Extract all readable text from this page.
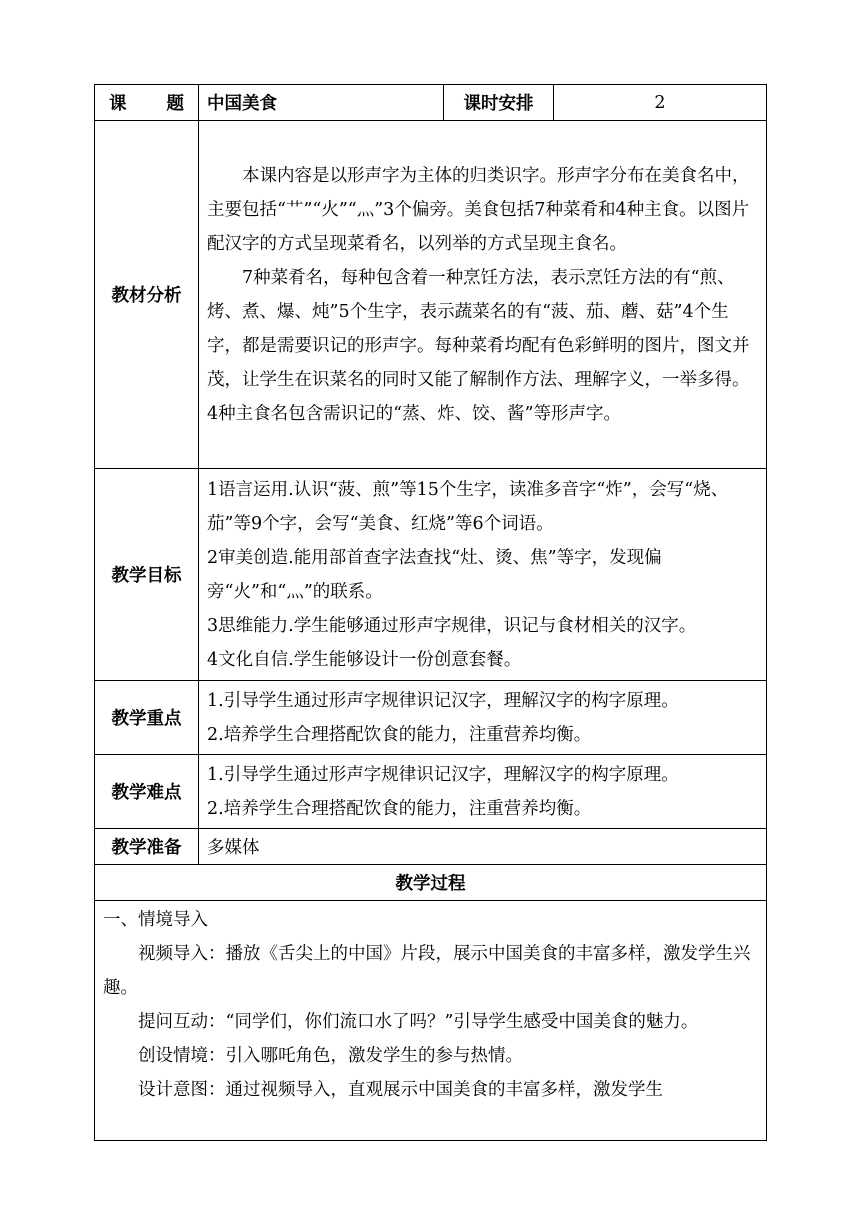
课 题	中国美食	课时安排	2
教材分析	本课内容是以形声字为主体的归类识字。形声字分布在美食名中，主要包括“艹”“火”“灬”3个偏旁。美食包括7种菜肴和4种主食。以图片配汉字的方式呈现菜肴名，以列举的方式呈现主食名。

7种菜肴名，每种包含着一种烹饪方法，表示烹饪方法的有“煎、烤、煮、爆、炖”5个生字，表示蔬菜名的有“菠、茄、蘑、菇”4个生字，都是需要识记的形声字。每种菜肴均配有色彩鲜明的图片，图文并茂，让学生在识菜名的同时又能了解制作方法、理解字义，一举多得。4种主食名包含需识记的“蒸、炸、饺、酱”等形声字。		

教学目标	1语言运用.认识“菠、煎”等15个生字，读准多音字“炸”，会写“烧、茄”等9个字，会写“美食、红烧”等6个词语。

2审美创造.能用部首查字法查找“灶、烫、焦”等字，发现偏旁“火”和“灬”的联系。

3思维能力.学生能够通过形声字规律，识记与食材相关的汉字。

4文化自信.学生能够设计一份创意套餐。		

教学重点	1.引导学生通过形声字规律识记汉字，理解汉字的构字原理。

2.培养学生合理搭配饮食的能力，注重营养均衡。		

教学难点	1.引导学生通过形声字规律识记汉字，理解汉字的构字原理。

2.培养学生合理搭配饮食的能力，注重营养均衡。		

教学准备	多媒体		
教学过程			

一、情境导入

视频导入：播放《舌尖上的中国》片段，展示中国美食的丰富多样，激发学生兴趣。

提问互动：“同学们，你们流口水了吗？”引导学生感受中国美食的魅力。

创设情境：引入哪吒角色，激发学生的参与热情。

设计意图：通过视频导入，直观展示中国美食的丰富多样，激发学生			
